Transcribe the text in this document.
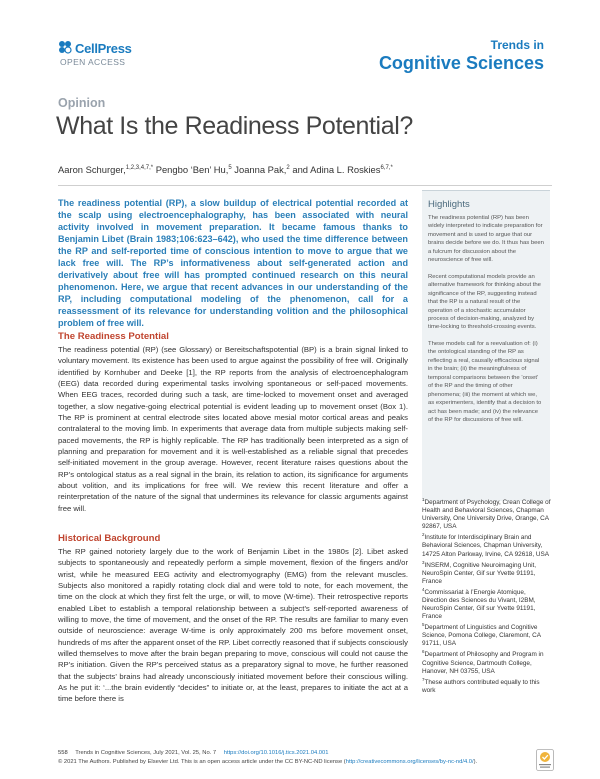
CellPress
OPEN ACCESS
Trends in
Cognitive Sciences
Opinion
What Is the Readiness Potential?
Aaron Schurger,$^{1,2,3,4,7,*}$ Pengbo ‘Ben’ Hu,$^5$ Joanna Pak,$^2$ and Adina L. Roskies$^{6,7,*}$
The readiness potential (RP), a slow buildup of electrical potential recorded at the scalp using electroencephalography, has been associated with neural activity involved in movement preparation. It became famous thanks to Benjamin Libet (Brain 1983;106:623–642), who used the time difference between the RP and self-reported time of conscious intention to move to argue that we lack free will. The RP’s informativeness about self-generated action and derivatively about free will has prompted continued research on this neural phenomenon. Here, we argue that recent advances in our understanding of the RP, including computational modeling of the phenomenon, call for a reassessment of its relevance for understanding volition and the philosophical problem of free will.
The Readiness Potential
The readiness potential (RP) (see Glossary) or Bereitschaftspotential (BP) is a brain signal linked to voluntary movement. Its existence has been used to argue against the possibility of free will. Originally identified by Kornhuber and Deeke [1], the RP reports from the analysis of electroencephalogram (EEG) data recorded during experimental tasks involving spontaneous or self-paced movements. When EEG traces, recorded during such a task, are time-locked to movement onset and averaged together, a slow negative-going electrical potential is evident leading up to movement onset (Box 1). The RP is prominent at central electrode sites located above mesial motor cortical areas and peaks contralateral to the moving limb. In experiments that average data from multiple subjects making self-paced movements, the RP is highly replicable. The RP has traditionally been interpreted as a sign of planning and preparation for movement and it is well-established as a reliable signal that precedes self-initiated movement in the group average. However, recent literature raises questions about the RP’s ontological status as a real signal in the brain, its relation to action, its significance for arguments about volition, and its implications for free will. We review this recent literature and offer a reinterpretation of the nature of the signal that undermines its relevance for classic arguments against free will.
Historical Background
The RP gained notoriety largely due to the work of Benjamin Libet in the 1980s [2]. Libet asked subjects to spontaneously and repeatedly perform a simple movement, flexion of the fingers and/or wrist, while he measured EEG activity and electromyography (EMG) from the relevant muscles. Subjects also monitored a rapidly rotating clock dial and were told to note, for each movement, the time on the clock at which they first felt the urge, or will, to move (W-time). Their retrospective reports enabled Libet to establish a temporal relationship between a subject’s self-reported awareness of willing to move, the time of movement, and the onset of the RP. The results are familiar to many even outside of neuroscience: average W-time is only approximately 200 ms before movement onset, hundreds of ms after the apparent onset of the RP. Libet correctly reasoned that if subjects consciously willed themselves to move after the brain began preparing to move, conscious will could not cause the RP’s initiation. Given the RP’s perceived status as a preparatory signal to move, he further reasoned that the subjects’ brains had already unconsciously initiated movement before their conscious willing. As he put it: ‘...the brain evidently “decides” to initiate or, at the least, prepares to initiate the act at a time before there is
Highlights

The readiness potential (RP) has been widely interpreted to indicate preparation for movement and is used to argue that our brains decide before we do. It thus has been a fulcrum for discussion about the neuroscience of free will.

Recent computational models provide an alternative framework for thinking about the significance of the RP, suggesting instead that the RP is a natural result of the operation of a stochastic accumulator process of decision-making, analyzed by time-locking to threshold-crossing events.

These models call for a reevaluation of: (i) the ontological standing of the RP as reflecting a real, causally efficacious signal in the brain; (ii) the meaningfulness of temporal comparisons between the ‘onset’ of the RP and the timing of other phenomena; (iii) the moment at which we, as experimenters, identify that a decision to act has been made; and (iv) the relevance of the RP for discussions of free will.

$^1$Department of Psychology, Crean College of Health and Behavioral Sciences, Chapman University, One University Drive, Orange, CA 92867, USA
$^2$Institute for Interdisciplinary Brain and Behavioral Sciences, Chapman University, 14725 Alton Parkway, Irvine, CA 92618, USA
$^3$INSERM, Cognitive Neuroimaging Unit, NeuroSpin Center, Gif sur Yvette 91191, France
$^4$Commissariat à l’Energie Atomique, Direction des Sciences du Vivant, I2BM, NeuroSpin Center, Gif sur Yvette 91191, France
$^5$Department of Linguistics and Cognitive Science, Pomona College, Claremont, CA 91711, USA
$^6$Department of Philosophy and Program in Cognitive Science, Dartmouth College, Hanover, NH 03755, USA
$^7$These authors contributed equally to this work
558 Trends in Cognitive Sciences, July 2021, Vol. 25, No. 7 https://doi.org/10.1016/j.tics.2021.04.001
© 2021 The Authors. Published by Elsevier Ltd. This is an open access article under the CC BY-NC-ND license (http://creativecommons.org/licenses/by-nc-nd/4.0/).
